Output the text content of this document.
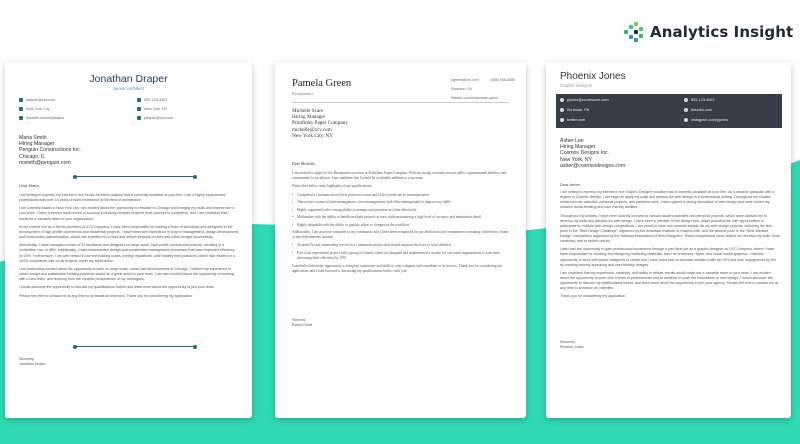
Analytics Insight
Jonathan Draper
Senior Architect
jdraper@zcv.com	555-123-4567
New York City	New York, NY
linkedin.com/in/jdraper	jdraper@zcv.com
Maria Smith
Hiring Manager
Penguin Constructions Inc.
Chicago, IL
msmith@penguin.com
Dear Maria,

I am writing to express my interest in the Senior Architect position that is currently available at your firm. I am a highly experienced professional with over 10 years of work experience in the field of architecture.

I am currently based in New York, but I am excited about the opportunity to relocate to Chicago and bringing my skills and experience to your team. I have a proven track record of success in leading complex projects from concept to completion, and I am confident that I would be a valuable asset to your organization.

In my current role as a Senior Architect at XYZ Company, I have been responsible for leading a team of architects and designers in the development of high-profile commercial and residential projects. I have extensive experience in project management, design development, and construction administration, which has enabled me to lead and deliver projects on time and within budget successfully.

Specifically, I have managed a team of 15 architects and designers on large-scale, high-profile commercial projects, resulting in a completion rate of 98%. Additionally, I have implemented design and construction management processes that have improved efficiency by 20%. Furthermore, I am well versed in current building codes, zoning regulations, and industry best practices, which has resulted in a 100% compliance rate on all projects under my supervision.

I am particularly excited about the opportunity to work on large-scale, mixed-use developments in Chicago. I believe my experience in urban design and sustainable building practices would be a great asset to your team. I am also excited about the opportunity of working with a new team, and learning from the creative perspectives of my colleagues.

I would welcome the opportunity to discuss my qualifications further and learn more about the opportunity to join your team.

Please feel free to contact me at any time to schedule an interview. Thank you for considering my application.

Sincerely,
Jonathan Draper
Pamela Green
Receptionist
pgreen@zcv.com	(555) 555-5555
Scranton, PA
linkedin.com/in/pamela-green
Michelle Scare
Hiring Manager
Printfinity Paper Company
michelle@zcv.com
New York City, NY
Dear Michelle,

I am excited to apply for the Receptionist position at Printfinity Paper Company. With my strong customer service skills, organizational abilities, and commitment to excellence, I am confident that I would be a valuable addition to your team.

Please find below some highlights of my qualifications:

• Completed a customer service best practices course and hold a certificate in communication
• Taken extra courses in time management, stress management, and office management to improve my skills
• Highly organized with a strong ability to manage and prioritize my time effectively
• Multitasker with the ability to handle multiple projects at once while maintaining a high level of accuracy and attention to detail
• Highly adaptable with the ability to quickly adjust to changes in the workflow

Additionally, I am an active volunteer in my community and I have been recognized for my dedication and commitment to making a difference. Some of my achievements include:

• Awarded for my outstanding service in a community project that helped improve the lives of local children
• Part of an experiential project with a group of friends where we designed and implemented a system for our youth organizations to save time, increasing their efficiency by 20%

I am thrilled about the opportunity to bring my experience and skills to your company and contribute to its success. Thank you for considering my application, and I look forward to discussing my qualifications further with you.

Sincerely,
Pamela Green
Phoenix Jones
Graphic Designer
pjones@zcvresume.com	555-123-4567
Scranton, PA	linkedin.com
twitter.com	instagram.com/pjones
Asher Lee
Hiring Manager
Cosmos Designs Inc.
New York, NY
asher@cosmosdesigns.com
Dear Asher,

I am writing to express my interest in the Graphic Designer position that is currently available at your firm. As a creative graduate with a degree in Graphic Design, I am eager to apply my skills and passion for web design to a professional setting. Throughout my studies, extracurricular activities, personal projects, and part-time work, I have gained a strong foundation in web design and have honed my creative visual-thinking and user-friendly abilities.

Throughout my studies, I have been actively involved in various student activities and personal projects, which have allowed me to develop my skills and passion for web design. I have been a member of the design club, which provided me with opportunities to participate in multiple web design competitions. I am proud to have won several awards for my web design projects, including the first prize in the "Web Design Challenge" organized by the American Institute of Graphic Arts, and the second prize in the "Best Website Design" competition organized by the National Association of Web Designers. These competitions have helped me develop my skills, think creatively, and to deliver results.

I also had the opportunity to gain professional experience through a part-time job as a graphic designer at XYZ Company, where I have been responsible for creating and designing marketing materials, such as brochures, flyers, and social media graphics. I had the opportunity to work with senior designers to create and I have been able to increase website traffic by 15% and user engagement by 5% by creating visually appealing and user-friendly designs.

I am confident that my experience, creativity, and ability to deliver results would make me a valuable asset to your team. I am excited about the opportunity to work with a team of professionals and to continue to push the boundaries of web design. I would welcome the opportunity to discuss my qualifications further and learn more about the opportunity to join your agency. Please feel free to contact me at any time to schedule an interview.

Thank you for considering my application.

Sincerely,
Phoenix Jones
